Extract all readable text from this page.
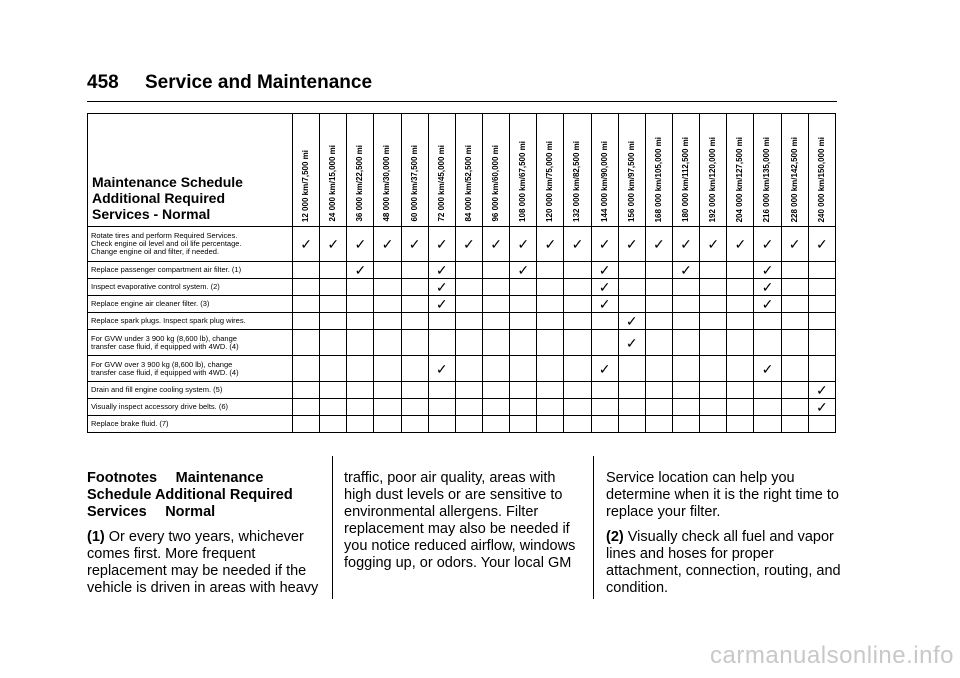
458 Service and Maintenance
Maintenance Schedule
Additional Required
Services - Normal	12 000 km/7,500 mi	24 000 km/15,000 mi	36 000 km/22,500 mi	48 000 km/30,000 mi	60 000 km/37,500 mi	72 000 km/45,000 mi	84 000 km/52,500 mi	96 000 km/60,000 mi	108 000 km/67,500 mi	120 000 km/75,000 mi	132 000 km/82,500 mi	144 000 km/90,000 mi	156 000 km/97,500 mi	168 000 km/105,000 mi	180 000 km/112,500 mi	192 000 km/120,000 mi	204 000 km/127,500 mi	216 000 km/135,000 mi	228 000 km/142,500 mi	240 000 km/150,000 mi

Rotate tires and perform Required Services.
Check engine oil level and oil life percentage.
Change engine oil and filter, if needed.	✓	✓	✓	✓	✓	✓	✓	✓	✓	✓	✓	✓	✓	✓	✓	✓	✓	✓	✓	✓
Replace passenger compartment air filter. (1)			✓			✓			✓			✓			✓			✓		
Inspect evaporative control system. (2)						✓						✓						✓		
Replace engine air cleaner filter. (3)						✓						✓						✓		
Replace spark plugs. Inspect spark plug wires.													✓							
For GVW under 3 900 kg (8,600 lb), change
transfer case fluid, if equipped with 4WD. (4)													✓							
For GVW over 3 900 kg (8,600 lb), change
transfer case fluid, if equipped with 4WD. (4)						✓						✓						✓		
Drain and fill engine cooling system. (5)																				✓
Visually inspect accessory drive belts. (6)																				✓
Replace brake fluid. (7)																				
Footnotes  Maintenance Schedule Additional Required Services  Normal

(1) Or every two years, whichever comes first. More frequent replacement may be needed if the vehicle is driven in areas with heavy

traffic, poor air quality, areas with high dust levels or are sensitive to environmental allergens. Filter replacement may also be needed if you notice reduced airflow, windows fogging up, or odors. Your local GM

Service location can help you determine when it is the right time to replace your filter.

(2) Visually check all fuel and vapor lines and hoses for proper attachment, connection, routing, and condition.

carmanualsonline.info
